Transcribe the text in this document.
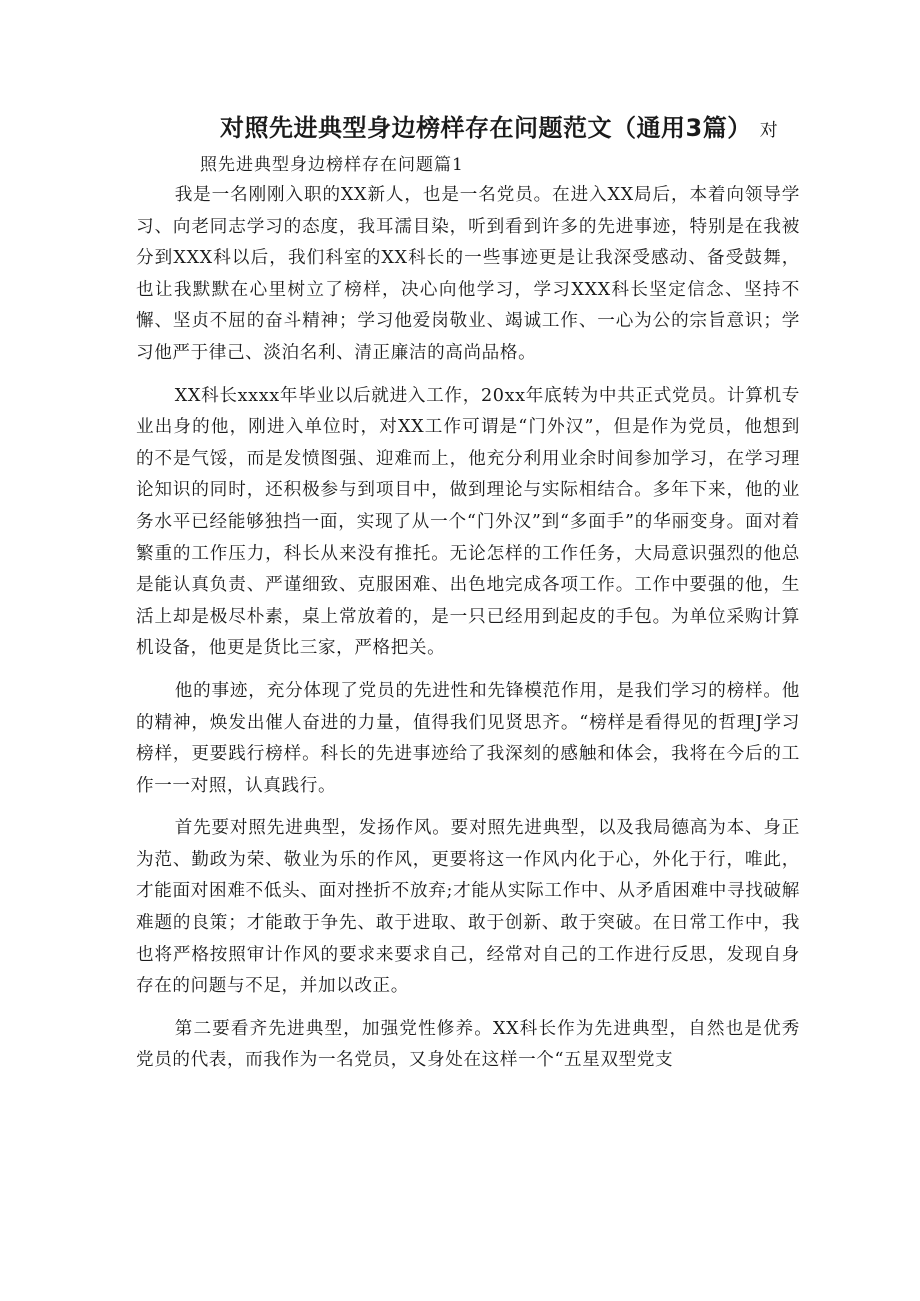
对照先进典型身边榜样存在问题范文（通用3篇） 对
照先进典型身边榜样存在问题篇1

我是一名刚刚入职的XX新人，也是一名党员。在进入XX局后，本着向领导学习、向老同志学习的态度，我耳濡目染，听到看到许多的先进事迹，特别是在我被分到XXX科以后，我们科室的XX科长的一些事迹更是让我深受感动、备受鼓舞，也让我默默在心里树立了榜样，决心向他学习，学习XXX科长坚定信念、坚持不懈、坚贞不屈的奋斗精神；学习他爱岗敬业、竭诚工作、一心为公的宗旨意识；学习他严于律己、淡泊名利、清正廉洁的高尚品格。

XX科长xxxx年毕业以后就进入工作，20xx年底转为中共正式党员。计算机专业出身的他，刚进入单位时，对XX工作可谓是“门外汉”，但是作为党员，他想到的不是气馁，而是发愤图强、迎难而上，他充分利用业余时间参加学习，在学习理论知识的同时，还积极参与到项目中，做到理论与实际相结合。多年下来，他的业务水平已经能够独挡一面，实现了从一个“门外汉”到“多面手”的华丽变身。面对着繁重的工作压力，科长从来没有推托。无论怎样的工作任务，大局意识强烈的他总是能认真负责、严谨细致、克服困难、出色地完成各项工作。工作中要强的他，生活上却是极尽朴素，桌上常放着的，是一只已经用到起皮的手包。为单位采购计算机设备，他更是货比三家，严格把关。

他的事迹，充分体现了党员的先进性和先锋模范作用，是我们学习的榜样。他的精神，焕发出催人奋进的力量，值得我们见贤思齐。“榜样是看得见的哲理J学习榜样，更要践行榜样。科长的先进事迹给了我深刻的感触和体会，我将在今后的工作一一对照，认真践行。

首先要对照先进典型，发扬作风。要对照先进典型，以及我局德高为本、身正为范、勤政为荣、敬业为乐的作风，更要将这一作风内化于心，外化于行，唯此，才能面对困难不低头、面对挫折不放弃;才能从实际工作中、从矛盾困难中寻找破解难题的良策；才能敢于争先、敢于进取、敢于创新、敢于突破。在日常工作中，我也将严格按照审计作风的要求来要求自己，经常对自己的工作进行反思，发现自身存在的问题与不足，并加以改正。

第二要看齐先进典型，加强党性修养。XX科长作为先进典型，自然也是优秀党员的代表，而我作为一名党员，又身处在这样一个“五星双型党支
